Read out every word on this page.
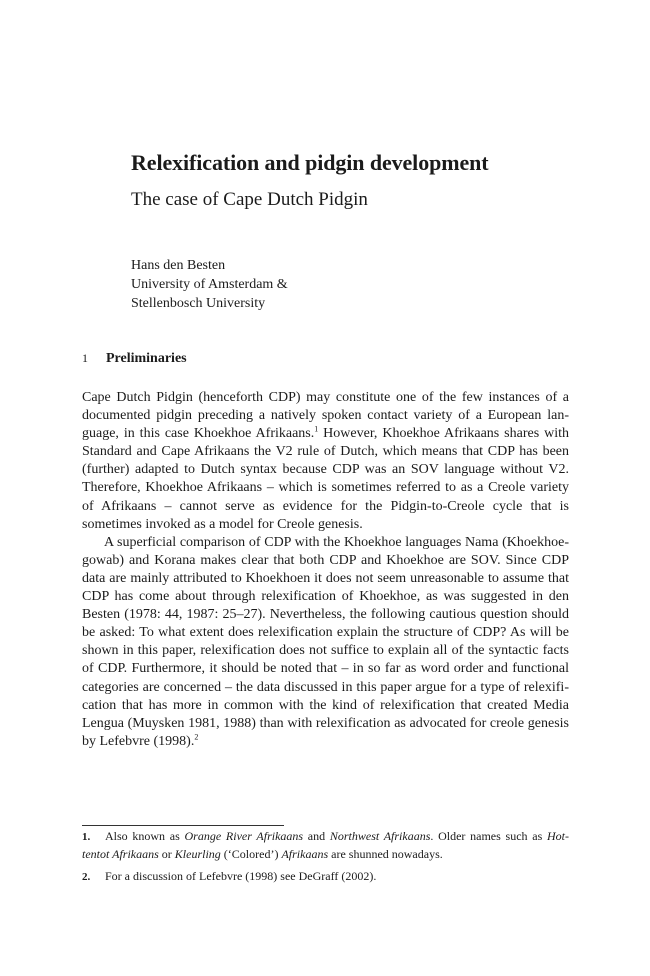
Relexification and pidgin development
The case of Cape Dutch Pidgin
Hans den Besten
University of Amsterdam &
Stellenbosch University
1 Preliminaries

Cape Dutch Pidgin (henceforth CDP) may constitute one of the few instances of a documented pidgin preceding a natively spoken contact variety of a European language, in this case Khoekhoe Afrikaans.$^1$ However, Khoekhoe Afrikaans shares with Standard and Cape Afrikaans the V2 rule of Dutch, which means that CDP has been (further) adapted to Dutch syntax because CDP was an SOV language without V2. Therefore, Khoekhoe Afrikaans – which is sometimes referred to as a Creole variety of Afrikaans – cannot serve as evidence for the Pidgin-to-Creole cycle that is sometimes invoked as a model for Creole genesis.

A superficial comparison of CDP with the Khoekhoe languages Nama (Khoekhoegowab) and Korana makes clear that both CDP and Khoekhoe are SOV. Since CDP data are mainly attributed to Khoekhoen it does not seem unreasonable to assume that CDP has come about through relexification of Khoekhoe, as was suggested in den Besten (1978: 44, 1987: 25–27). Nevertheless, the following cautious question should be asked: To what extent does relexification explain the structure of CDP? As will be shown in this paper, relexification does not suffice to explain all of the syntactic facts of CDP. Furthermore, it should be noted that – in so far as word order and functional categories are concerned – the data discussed in this paper argue for a type of relexification that has more in common with the kind of relexification that created Media Lengua (Muysken 1981, 1988) than with relexification as advocated for creole genesis by Lefebvre (1998).$^2$

1. Also known as Orange River Afrikaans and Northwest Afrikaans. Older names such as Hottentot Afrikaans or Kleurling (‘Colored’) Afrikaans are shunned nowadays.

2. For a discussion of Lefebvre (1998) see DeGraff (2002).
